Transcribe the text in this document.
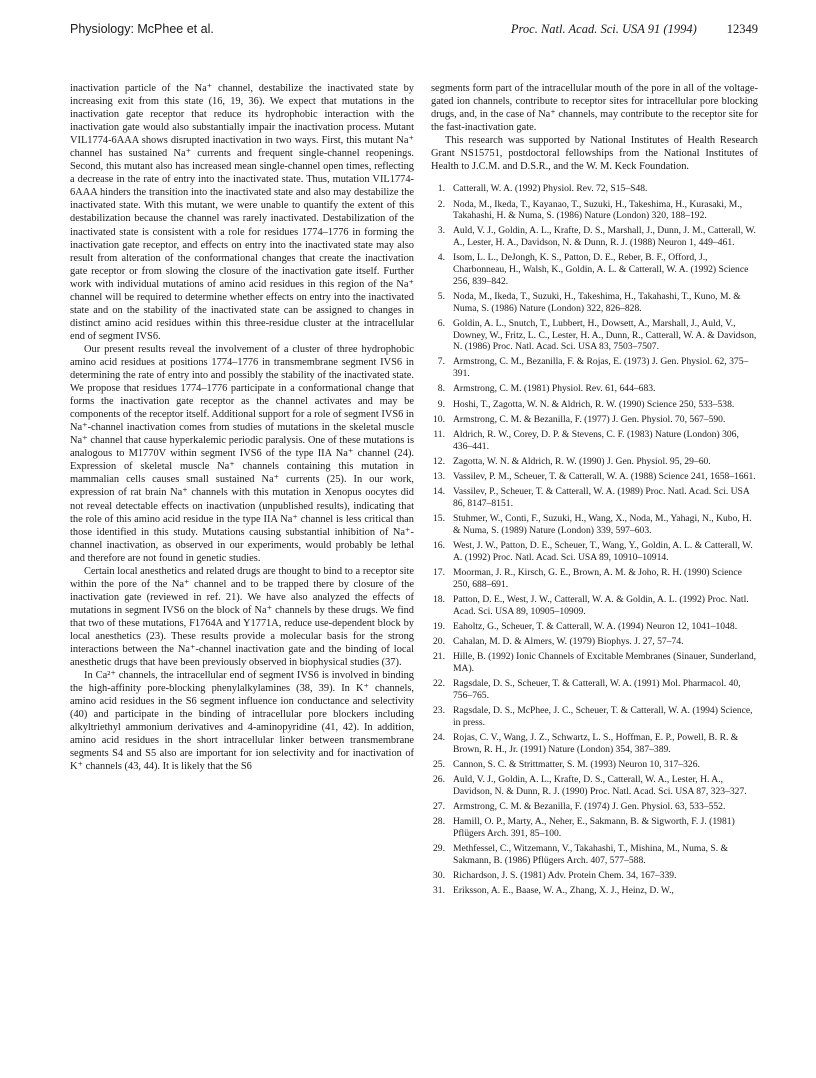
Physiology: McPhee et al.	Proc. Natl. Acad. Sci. USA 91 (1994) 12349

inactivation particle of the Na⁺ channel, destabilize the inactivated state by increasing exit from this state (16, 19, 36). We expect that mutations in the inactivation gate receptor that reduce its hydrophobic interaction with the inactivation gate would also substantially impair the inactivation process. Mutant VIL1774-6AAA shows disrupted inactivation in two ways. First, this mutant Na⁺ channel has sustained Na⁺ currents and frequent single-channel reopenings. Second, this mutant also has increased mean single-channel open times, reflecting a decrease in the rate of entry into the inactivated state. Thus, mutation VIL1774-6AAA hinders the transition into the inactivated state and also may destabilize the inactivated state. With this mutant, we were unable to quantify the extent of this destabilization because the channel was rarely inactivated. Destabilization of the inactivated state is consistent with a role for residues 1774–1776 in forming the inactivation gate receptor, and effects on entry into the inactivated state may also result from alteration of the conformational changes that create the inactivation gate receptor or from slowing the closure of the inactivation gate itself. Further work with individual mutations of amino acid residues in this region of the Na⁺ channel will be required to determine whether effects on entry into the inactivated state and on the stability of the inactivated state can be assigned to changes in distinct amino acid residues within this three-residue cluster at the intracellular end of segment IVS6.

Our present results reveal the involvement of a cluster of three hydrophobic amino acid residues at positions 1774–1776 in transmembrane segment IVS6 in determining the rate of entry into and possibly the stability of the inactivated state. We propose that residues 1774–1776 participate in a conformational change that forms the inactivation gate receptor as the channel activates and may be components of the receptor itself. Additional support for a role of segment IVS6 in Na⁺-channel inactivation comes from studies of mutations in the skeletal muscle Na⁺ channel that cause hyperkalemic periodic paralysis. One of these mutations is analogous to M1770V within segment IVS6 of the type IIA Na⁺ channel (24). Expression of skeletal muscle Na⁺ channels containing this mutation in mammalian cells causes small sustained Na⁺ currents (25). In our work, expression of rat brain Na⁺ channels with this mutation in Xenopus oocytes did not reveal detectable effects on inactivation (unpublished results), indicating that the role of this amino acid residue in the type IIA Na⁺ channel is less critical than those identified in this study. Mutations causing substantial inhibition of Na⁺-channel inactivation, as observed in our experiments, would probably be lethal and therefore are not found in genetic studies.

Certain local anesthetics and related drugs are thought to bind to a receptor site within the pore of the Na⁺ channel and to be trapped there by closure of the inactivation gate (reviewed in ref. 21). We have also analyzed the effects of mutations in segment IVS6 on the block of Na⁺ channels by these drugs. We find that two of these mutations, F1764A and Y1771A, reduce use-dependent block by local anesthetics (23). These results provide a molecular basis for the strong interactions between the Na⁺-channel inactivation gate and the binding of local anesthetic drugs that have been previously observed in biophysical studies (37).

In Ca²⁺ channels, the intracellular end of segment IVS6 is involved in binding the high-affinity pore-blocking phenylalkylamines (38, 39). In K⁺ channels, amino acid residues in the S6 segment influence ion conductance and selectivity (40) and participate in the binding of intracellular pore blockers including alkyltriethyl ammonium derivatives and 4-aminopyridine (41, 42). In addition, amino acid residues in the short intracellular linker between transmembrane segments S4 and S5 also are important for ion selectivity and for inactivation of K⁺ channels (43, 44). It is likely that the S6

segments form part of the intracellular mouth of the pore in all of the voltage-gated ion channels, contribute to receptor sites for intracellular pore blocking drugs, and, in the case of Na⁺ channels, may contribute to the receptor site for the fast-inactivation gate.

This research was supported by National Institutes of Health Research Grant NS15751, postdoctoral fellowships from the National Institutes of Health to J.C.M. and D.S.R., and the W. M. Keck Foundation.

1. Catterall, W. A. (1992) Physiol. Rev. 72, S15–S48.
2. Noda, M., Ikeda, T., Kayanao, T., Suzuki, H., Takeshima, H., Kurasaki, M., Takahashi, H. & Numa, S. (1986) Nature (London) 320, 188–192.
3. Auld, V. J., Goldin, A. L., Krafte, D. S., Marshall, J., Dunn, J. M., Catterall, W. A., Lester, H. A., Davidson, N. & Dunn, R. J. (1988) Neuron 1, 449–461.
4. Isom, L. L., DeJongh, K. S., Patton, D. E., Reber, B. F., Offord, J., Charbonneau, H., Walsh, K., Goldin, A. L. & Catterall, W. A. (1992) Science 256, 839–842.
5. Noda, M., Ikeda, T., Suzuki, H., Takeshima, H., Takahashi, T., Kuno, M. & Numa, S. (1986) Nature (London) 322, 826–828.
6. Goldin, A. L., Snutch, T., Lubbert, H., Dowsett, A., Marshall, J., Auld, V., Downey, W., Fritz, L. C., Lester, H. A., Dunn, R., Catterall, W. A. & Davidson, N. (1986) Proc. Natl. Acad. Sci. USA 83, 7503–7507.
7. Armstrong, C. M., Bezanilla, F. & Rojas, E. (1973) J. Gen. Physiol. 62, 375–391.
8. Armstrong, C. M. (1981) Physiol. Rev. 61, 644–683.
9. Hoshi, T., Zagotta, W. N. & Aldrich, R. W. (1990) Science 250, 533–538.
10. Armstrong, C. M. & Bezanilla, F. (1977) J. Gen. Physiol. 70, 567–590.
11. Aldrich, R. W., Corey, D. P. & Stevens, C. F. (1983) Nature (London) 306, 436–441.
12. Zagotta, W. N. & Aldrich, R. W. (1990) J. Gen. Physiol. 95, 29–60.
13. Vassilev, P. M., Scheuer, T. & Catterall, W. A. (1988) Science 241, 1658–1661.
14. Vassilev, P., Scheuer, T. & Catterall, W. A. (1989) Proc. Natl. Acad. Sci. USA 86, 8147–8151.
15. Stuhmer, W., Conti, F., Suzuki, H., Wang, X., Noda, M., Yahagi, N., Kubo, H. & Numa, S. (1989) Nature (London) 339, 597–603.
16. West, J. W., Patton, D. E., Scheuer, T., Wang, Y., Goldin, A. L. & Catterall, W. A. (1992) Proc. Natl. Acad. Sci. USA 89, 10910–10914.
17. Moorman, J. R., Kirsch, G. E., Brown, A. M. & Joho, R. H. (1990) Science 250, 688–691.
18. Patton, D. E., West, J. W., Catterall, W. A. & Goldin, A. L. (1992) Proc. Natl. Acad. Sci. USA 89, 10905–10909.
19. Eaholtz, G., Scheuer, T. & Catterall, W. A. (1994) Neuron 12, 1041–1048.
20. Cahalan, M. D. & Almers, W. (1979) Biophys. J. 27, 57–74.
21. Hille, B. (1992) Ionic Channels of Excitable Membranes (Sinauer, Sunderland, MA).
22. Ragsdale, D. S., Scheuer, T. & Catterall, W. A. (1991) Mol. Pharmacol. 40, 756–765.
23. Ragsdale, D. S., McPhee, J. C., Scheuer, T. & Catterall, W. A. (1994) Science, in press.
24. Rojas, C. V., Wang, J. Z., Schwartz, L. S., Hoffman, E. P., Powell, B. R. & Brown, R. H., Jr. (1991) Nature (London) 354, 387–389.
25. Cannon, S. C. & Strittmatter, S. M. (1993) Neuron 10, 317–326.
26. Auld, V. J., Goldin, A. L., Krafte, D. S., Catterall, W. A., Lester, H. A., Davidson, N. & Dunn, R. J. (1990) Proc. Natl. Acad. Sci. USA 87, 323–327.
27. Armstrong, C. M. & Bezanilla, F. (1974) J. Gen. Physiol. 63, 533–552.
28. Hamill, O. P., Marty, A., Neher, E., Sakmann, B. & Sigworth, F. J. (1981) Pflügers Arch. 391, 85–100.
29. Methfessel, C., Witzemann, V., Takahashi, T., Mishina, M., Numa, S. & Sakmann, B. (1986) Pflügers Arch. 407, 577–588.
30. Richardson, J. S. (1981) Adv. Protein Chem. 34, 167–339.
31. Eriksson, A. E., Baase, W. A., Zhang, X. J., Heinz, D. W.,
